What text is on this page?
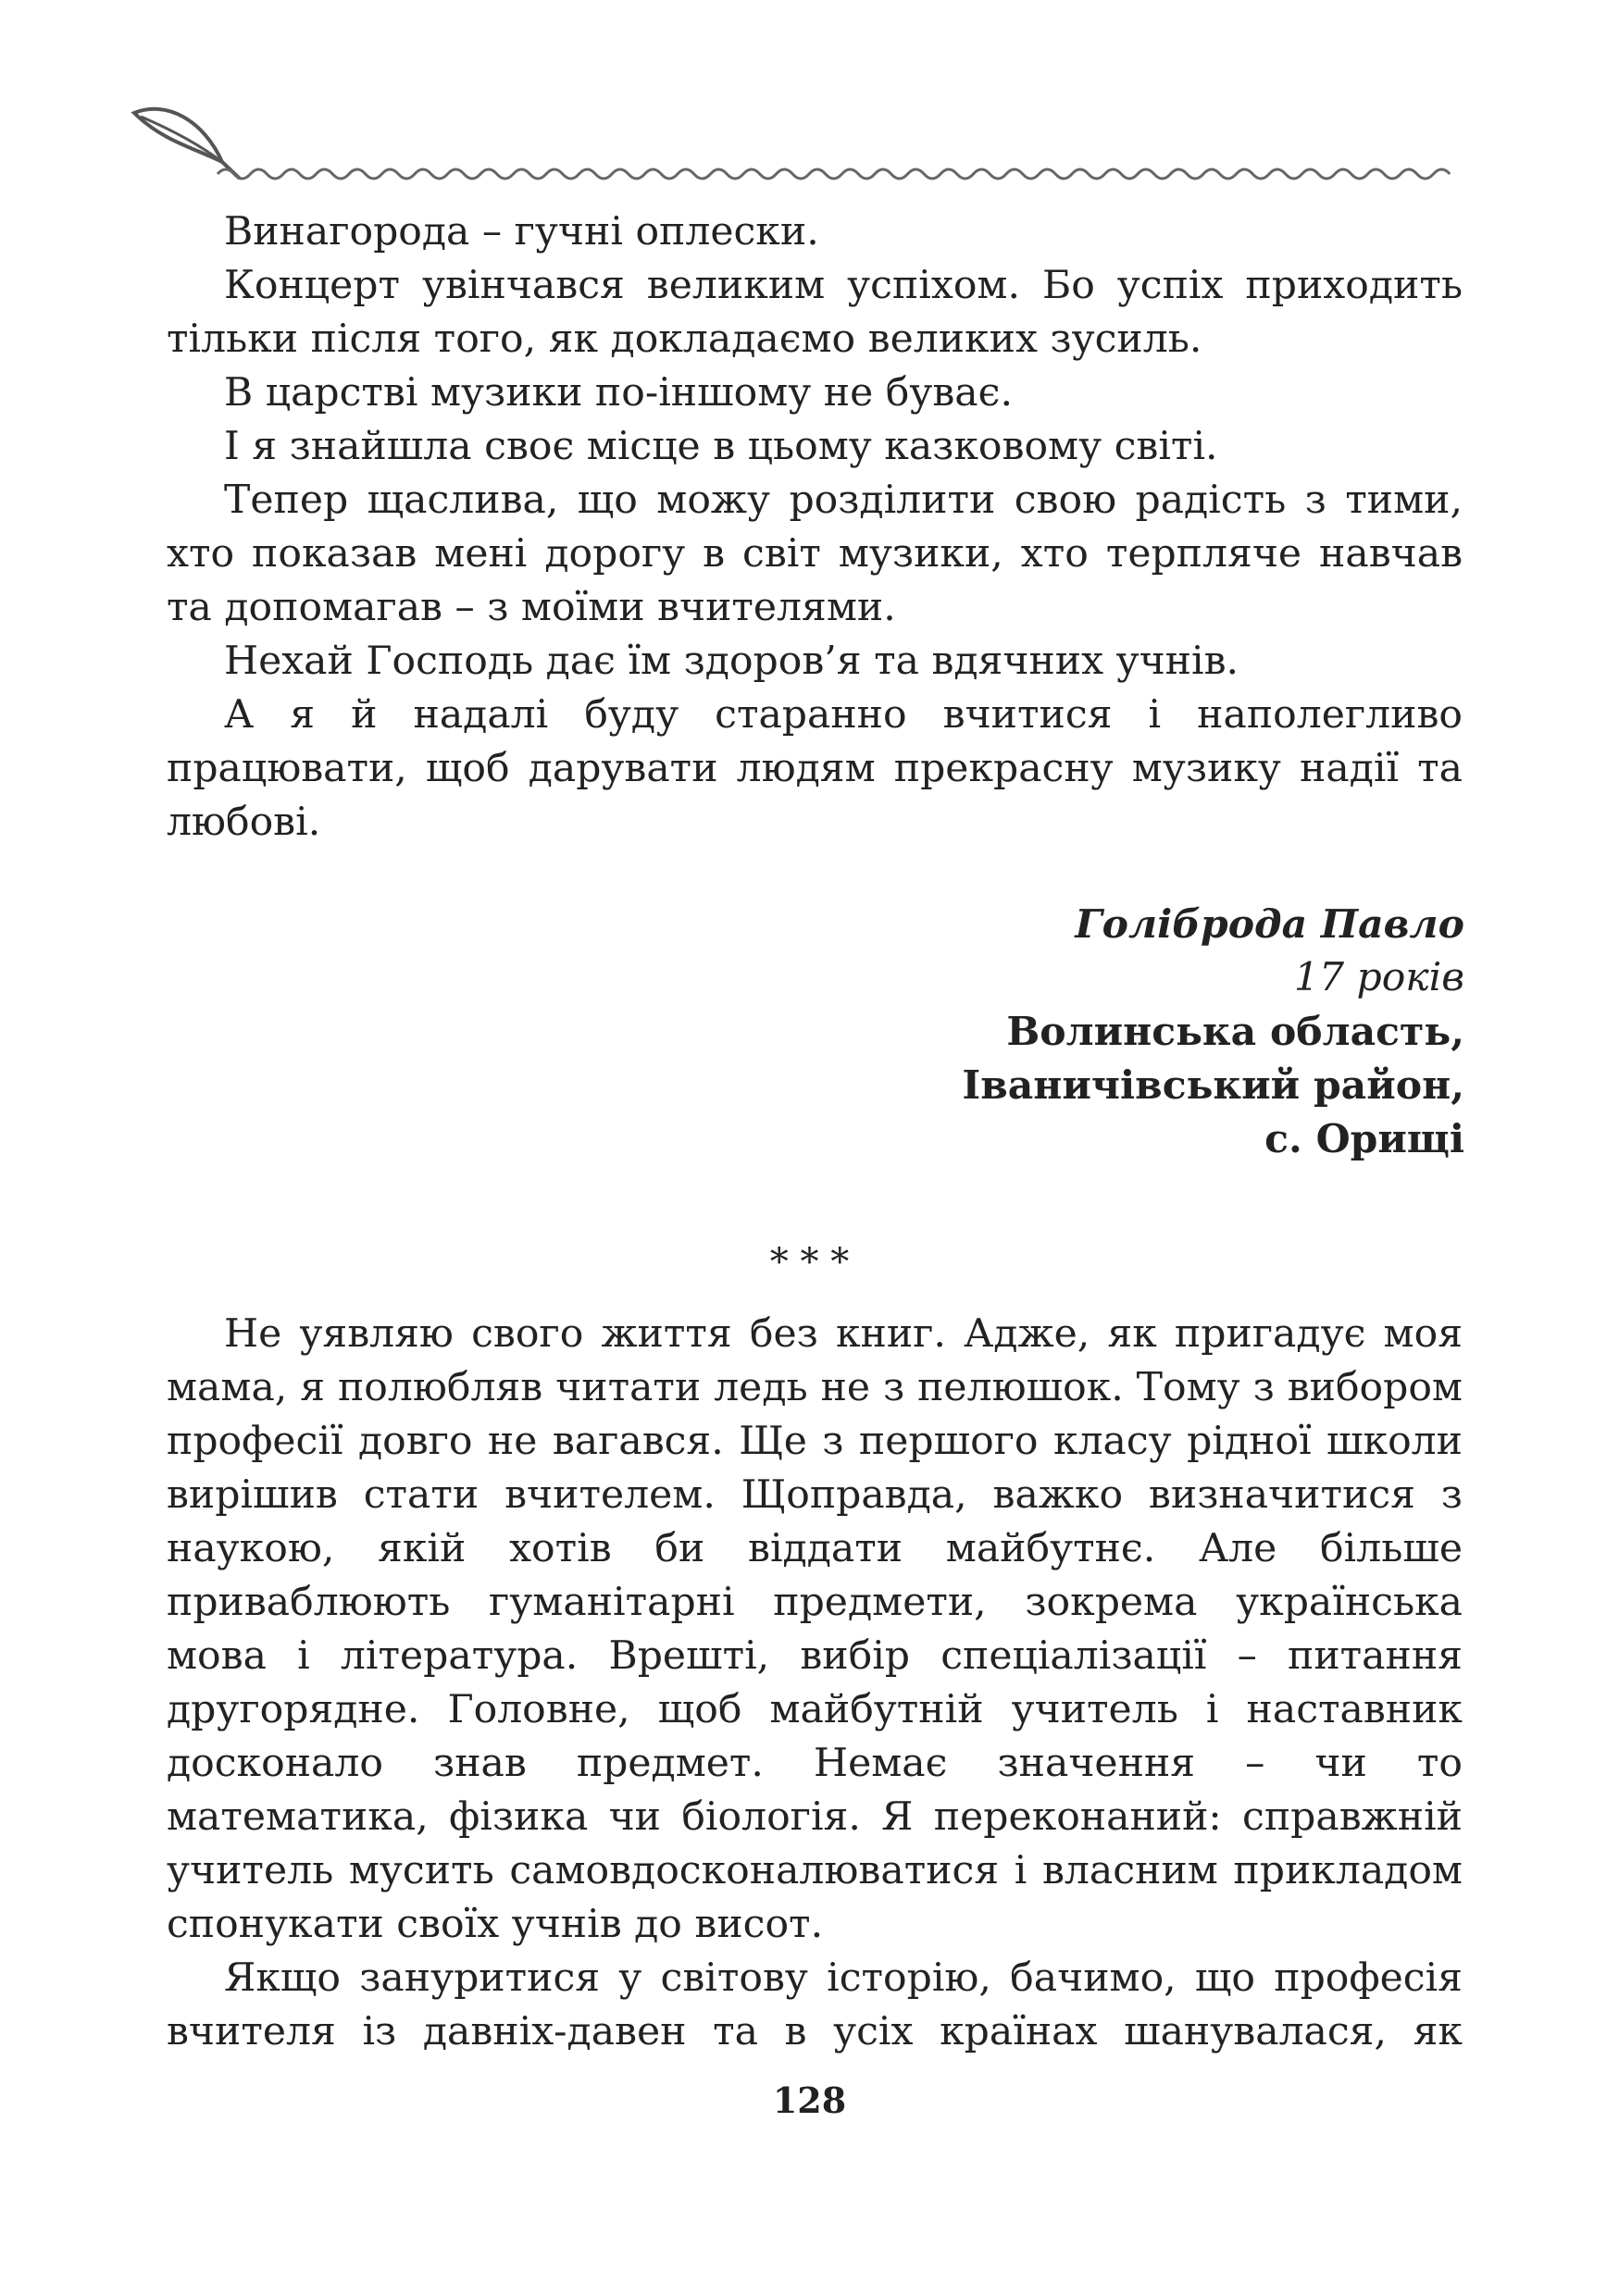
Винагорода – гучні оплески.

Концерт увінчався великим успіхом. Бо успіх приходить тільки після того, як докладаємо великих зусиль.

В царстві музики по-іншому не буває.

І я знайшла своє місце в цьому казковому світі.

Тепер щаслива, що можу розділити свою радість з тими, хто показав мені дорогу в світ музики, хто терпляче навчав та допомагав – з моїми вчителями.

Нехай Господь дає їм здоров’я та вдячних учнів.

А я й надалі буду старанно вчитися і наполегливо працювати, щоб дарувати людям прекрасну музику надії та любові.

Голіброда Павло
17 років
Волинська область,
Іваничівський район,
с. Орищі
* * *

Не уявляю свого життя без книг. Адже, як пригадує моя мама, я полюбляв читати ледь не з пелюшок. Тому з вибором професії довго не вагався. Ще з першого класу рідної школи вирішив стати вчителем. Щоправда, важко визначитися з наукою, якій хотів би віддати майбутнє. Але більше приваблюють гуманітарні предмети, зокрема українська мова і література. Врешті, вибір спеціалізації – питання другорядне. Головне, щоб майбутній учитель і наставник досконало знав предмет. Немає значення – чи то математика, фізика чи біологія. Я переконаний: справжній учитель мусить самовдосконалюватися і власним прикладом спонукати своїх учнів до висот.

Якщо зануритися у світову історію, бачимо, що професія вчителя із давніх-давен та в усіх країнах шанувалася, як

128
